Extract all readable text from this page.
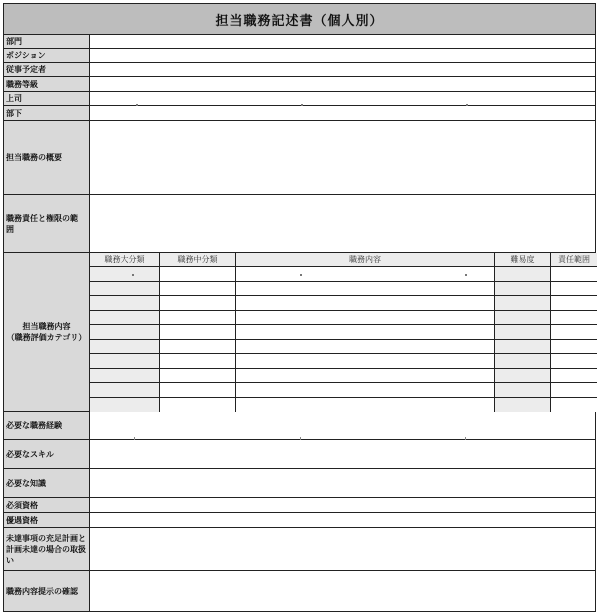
担当職務記述書（個人別）
部門
ポジション
従事予定者
職務等級
上司
部下
担当職務の概要
職務責任と権限の範囲
担当職務内容
（職務評価カテゴリ）
職務大分類	職務中分類	職務内容	難易度	責任範囲
必要な職務経験
必要なスキル
必要な知識
必須資格
優遇資格
未達事項の充足計画と計画未達の場合の取扱い
職務内容提示の確認
